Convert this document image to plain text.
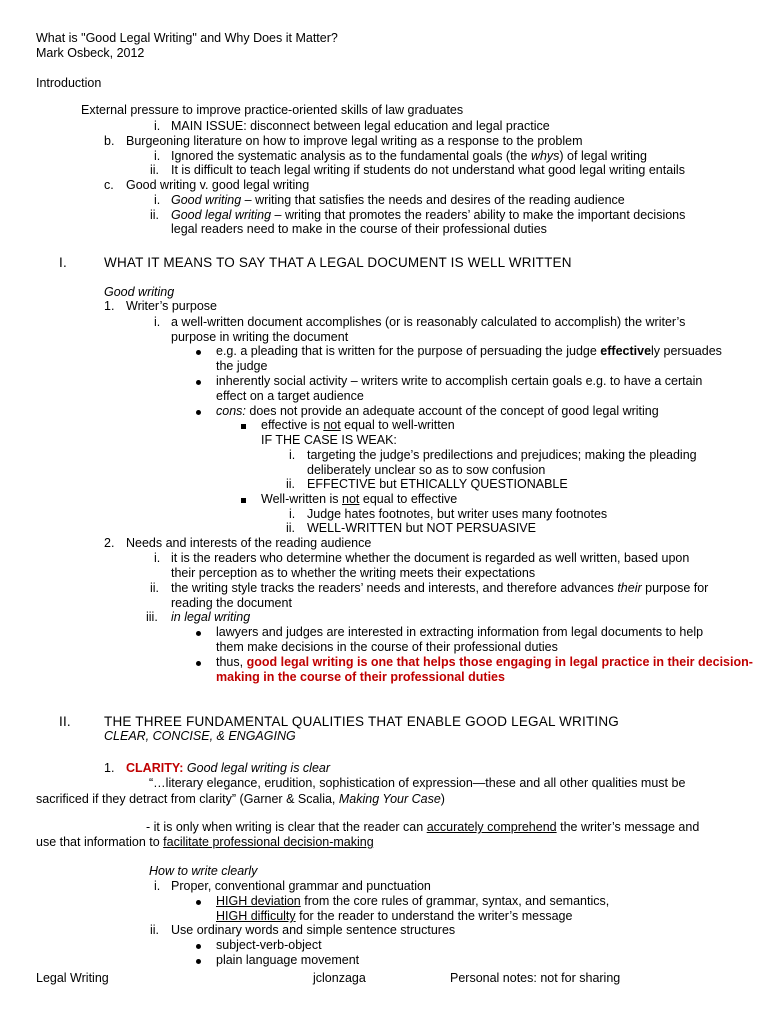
What is "Good Legal Writing" and Why Does it Matter?
Mark Osbeck, 2012
Introduction
External pressure to improve practice-oriented skills of law graduates
i. MAIN ISSUE: disconnect between legal education and legal practice
b. Burgeoning literature on how to improve legal writing as a response to the problem
i. Ignored the systematic analysis as to the fundamental goals (the whys) of legal writing
ii. It is difficult to teach legal writing if students do not understand what good legal writing entails
c. Good writing v. good legal writing
i. Good writing – writing that satisfies the needs and desires of the reading audience
ii. Good legal writing – writing that promotes the readers’ ability to make the important decisions
legal readers need to make in the course of their professional duties
I.	WHAT IT MEANS TO SAY THAT A LEGAL DOCUMENT IS WELL WRITTEN
Good writing
1. Writer’s purpose
i. a well-written document accomplishes (or is reasonably calculated to accomplish) the writer’s
purpose in writing the document
e.g. a pleading that is written for the purpose of persuading the judge effectively persuades
the judge
inherently social activity – writers write to accomplish certain goals e.g. to have a certain
effect on a target audience
cons: does not provide an adequate account of the concept of good legal writing
effective is not equal to well-written
IF THE CASE IS WEAK:
i. targeting the judge’s predilections and prejudices; making the pleading
deliberately unclear so as to sow confusion
ii. EFFECTIVE but ETHICALLY QUESTIONABLE
Well-written is not equal to effective
i. Judge hates footnotes, but writer uses many footnotes
ii. WELL-WRITTEN but NOT PERSUASIVE
2. Needs and interests of the reading audience
i. it is the readers who determine whether the document is regarded as well written, based upon
their perception as to whether the writing meets their expectations
ii. the writing style tracks the readers’ needs and interests, and therefore advances their purpose for
reading the document
iii. in legal writing
lawyers and judges are interested in extracting information from legal documents to help
them make decisions in the course of their professional duties
thus, good legal writing is one that helps those engaging in legal practice in their decision-
making in the course of their professional duties
II. THE THREE FUNDAMENTAL QUALITIES THAT ENABLE GOOD LEGAL WRITING
CLEAR, CONCISE, & ENGAGING
1. CLARITY: Good legal writing is clear
“…literary elegance, erudition, sophistication of expression—these and all other qualities must be
sacrificed if they detract from clarity” (Garner & Scalia, Making Your Case)
- it is only when writing is clear that the reader can accurately comprehend the writer’s message and
use that information to facilitate professional decision-making
How to write clearly
i. Proper, conventional grammar and punctuation
HIGH deviation from the core rules of grammar, syntax, and semantics,
HIGH difficulty for the reader to understand the writer’s message
ii. Use ordinary words and simple sentence structures
subject-verb-object
plain language movement
Legal Writing	jclonzaga	Personal notes: not for sharing
